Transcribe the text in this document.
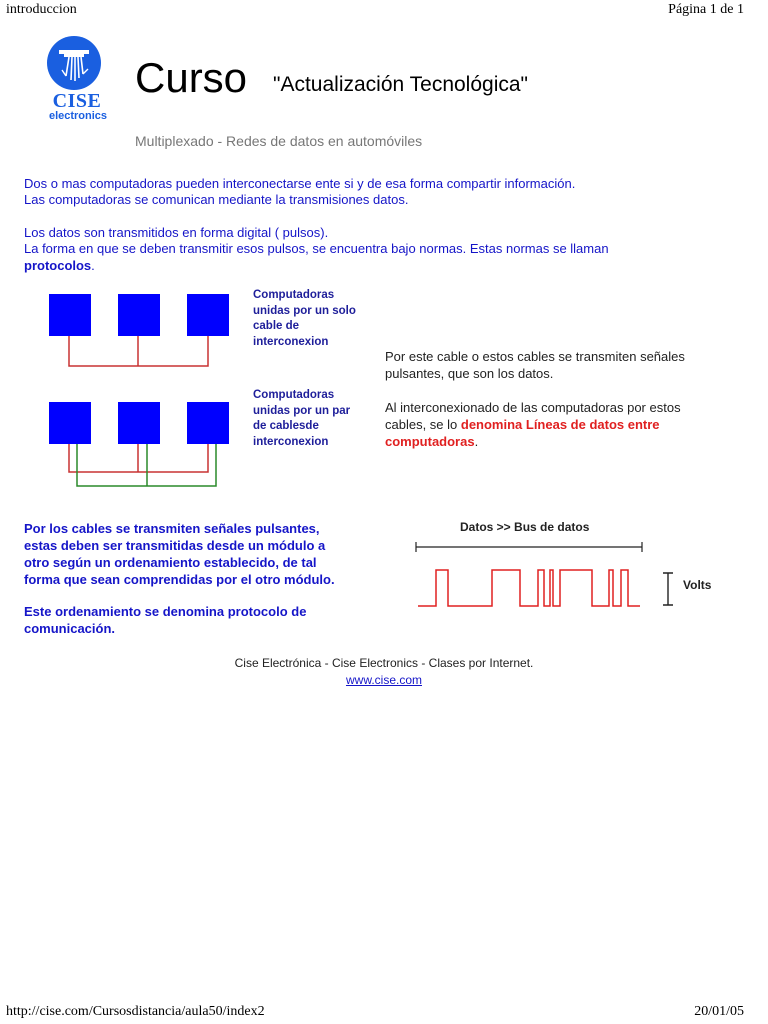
introduccion	Página 1 de 1
CISE
electronics
Curso "Actualización Tecnológica"
Multiplexado - Redes de datos en automóviles
Dos o mas computadoras pueden interconectarse ente si y de esa forma compartir información.
Las computadoras se comunican mediante la transmisiones datos.
Los datos son transmitidos en forma digital ( pulsos).
La forma en que se deben transmitir esos pulsos, se encuentra bajo normas. Estas normas se llaman
protocolos.
Computadoras
unidas por un solo
cable de
interconexion
Computadoras
unidas por un par
de cablesde
interconexion
Por este cable o estos cables se transmiten señales
pulsantes, que son los datos.
Al interconexionado de las computadoras por estos
cables, se lo denomina Líneas de datos entre
computadoras.
Por los cables se transmiten señales pulsantes,
estas deben ser transmitidas desde un módulo a
otro según un ordenamiento establecido, de tal
forma que sean comprendidas por el otro módulo.
Este ordenamiento se denomina protocolo de
comunicación.
Datos >> Bus de datos
Volts
Cise Electrónica - Cise Electronics - Clases por Internet.
www.cise.com
http://cise.com/Cursosdistancia/aula50/index2	20/01/05
